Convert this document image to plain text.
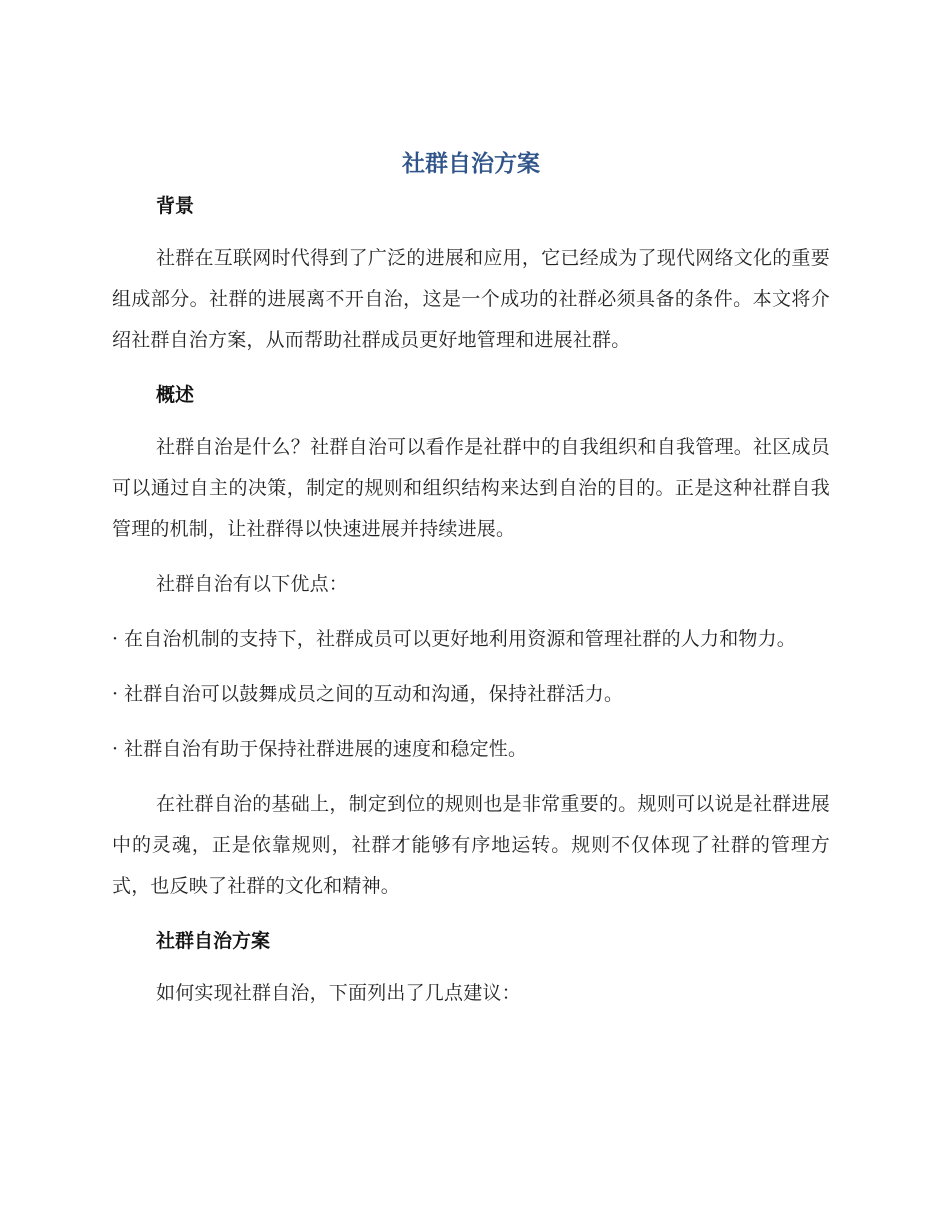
社群自治方案
背景

社群在互联网时代得到了广泛的进展和应用，它已经成为了现代网络文化的重要组成部分。社群的进展离不开自治，这是一个成功的社群必须具备的条件。本文将介绍社群自治方案，从而帮助社群成员更好地管理和进展社群。

概述

社群自治是什么？社群自治可以看作是社群中的自我组织和自我管理。社区成员可以通过自主的决策，制定的规则和组织结构来达到自治的目的。正是这种社群自我管理的机制，让社群得以快速进展并持续进展。

社群自治有以下优点：

· 在自治机制的支持下，社群成员可以更好地利用资源和管理社群的人力和物力。

· 社群自治可以鼓舞成员之间的互动和沟通，保持社群活力。

· 社群自治有助于保持社群进展的速度和稳定性。

在社群自治的基础上，制定到位的规则也是非常重要的。规则可以说是社群进展中的灵魂，正是依靠规则，社群才能够有序地运转。规则不仅体现了社群的管理方式，也反映了社群的文化和精神。

社群自治方案

如何实现社群自治，下面列出了几点建议：
